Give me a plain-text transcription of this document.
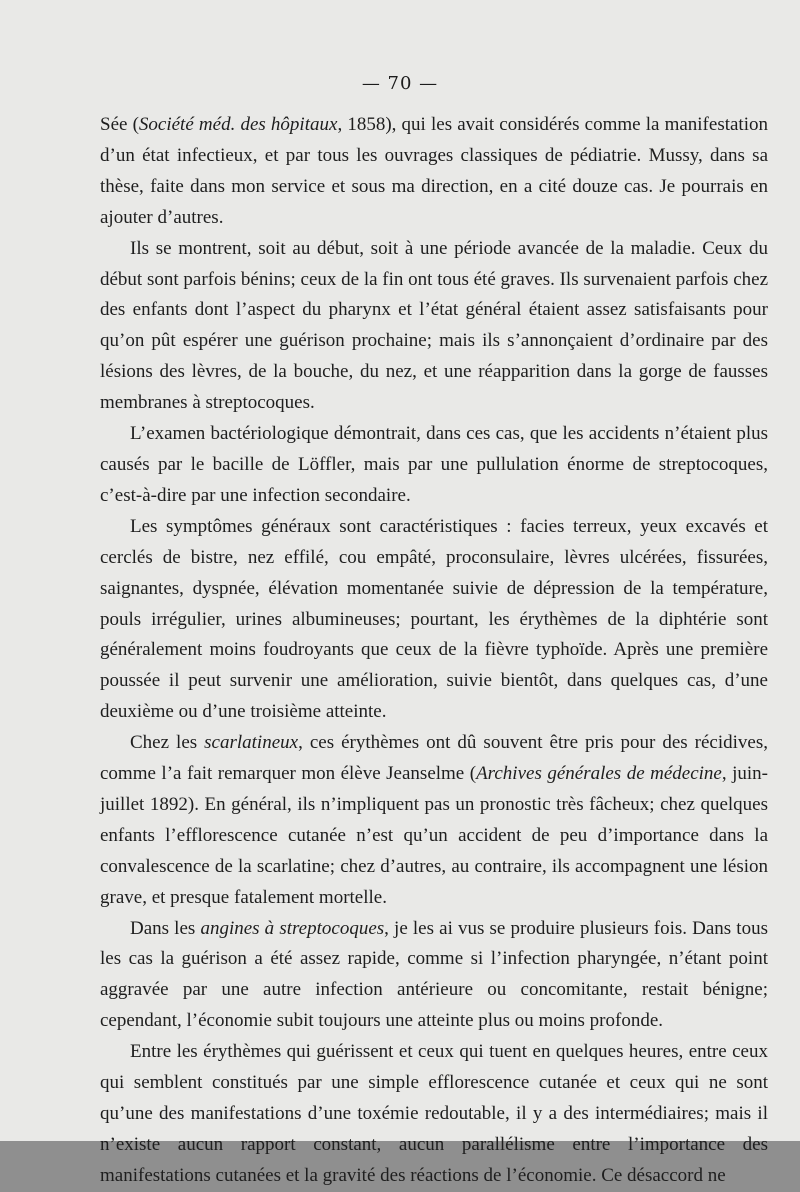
— 70 —

Sée (Société méd. des hôpitaux, 1858), qui les avait considérés comme la manifestation d’un état infectieux, et par tous les ouvrages classiques de pédiatrie. Mussy, dans sa thèse, faite dans mon service et sous ma direction, en a cité douze cas. Je pourrais en ajouter d’autres.

Ils se montrent, soit au début, soit à une période avancée de la maladie. Ceux du début sont parfois bénins; ceux de la fin ont tous été graves. Ils survenaient parfois chez des enfants dont l’aspect du pharynx et l’état général étaient assez satisfaisants pour qu’on pût espérer une guérison prochaine; mais ils s’annonçaient d’ordinaire par des lésions des lèvres, de la bouche, du nez, et une réapparition dans la gorge de fausses membranes à streptocoques.

L’examen bactériologique démontrait, dans ces cas, que les accidents n’étaient plus causés par le bacille de Löffler, mais par une pullulation énorme de streptocoques, c’est-à-dire par une infection secondaire.

Les symptômes généraux sont caractéristiques : facies terreux, yeux excavés et cerclés de bistre, nez effilé, cou empâté, proconsulaire, lèvres ulcérées, fissurées, saignantes, dyspnée, élévation momentanée suivie de dépression de la température, pouls irrégulier, urines albumineuses; pourtant, les érythèmes de la diphtérie sont généralement moins foudroyants que ceux de la fièvre typhoïde. Après une première poussée il peut survenir une amélioration, suivie bientôt, dans quelques cas, d’une deuxième ou d’une troisième atteinte.

Chez les scarlatineux, ces érythèmes ont dû souvent être pris pour des récidives, comme l’a fait remarquer mon élève Jeanselme (Archives générales de médecine, juin-juillet 1892). En général, ils n’impliquent pas un pronostic très fâcheux; chez quelques enfants l’efflorescence cutanée n’est qu’un accident de peu d’importance dans la convalescence de la scarlatine; chez d’autres, au contraire, ils accompagnent une lésion grave, et presque fatalement mortelle.

Dans les angines à streptocoques, je les ai vus se produire plusieurs fois. Dans tous les cas la guérison a été assez rapide, comme si l’infection pharyngée, n’étant point aggravée par une autre infection antérieure ou concomitante, restait bénigne; cependant, l’économie subit toujours une atteinte plus ou moins profonde.

Entre les érythèmes qui guérissent et ceux qui tuent en quelques heures, entre ceux qui semblent constitués par une simple efflorescence cutanée et ceux qui ne sont qu’une des manifestations d’une toxémie redoutable, il y a des intermédiaires; mais il n’existe aucun rapport constant, aucun parallélisme entre l’importance des manifestations cutanées et la gravité des réactions de l’économie. Ce désaccord ne
